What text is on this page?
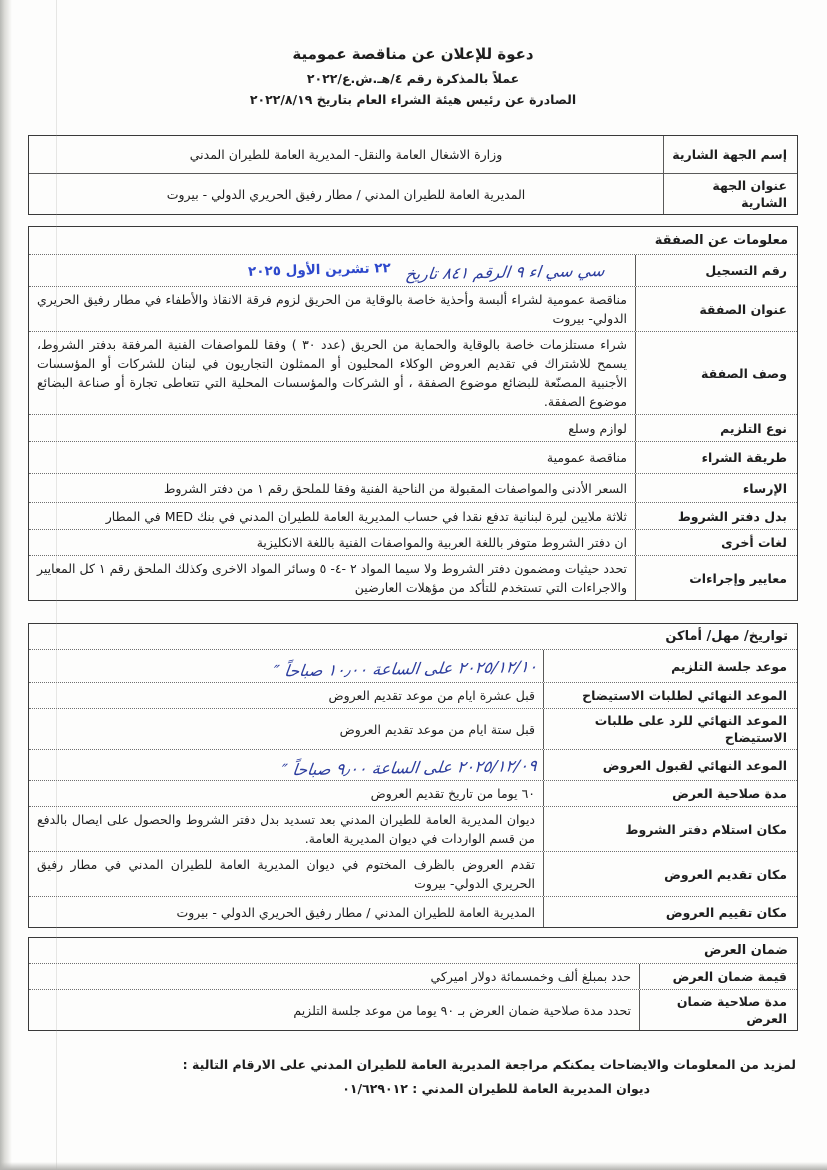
دعوة للإعلان عن مناقصة عمومية
عملاً بالمذكرة رقم ٤/هـ.ش.ع/٢٠٢٢
الصادرة عن رئيس هيئة الشراء العام بتاريخ ٢٠٢٢/٨/١٩
إسم الجهة الشارية
وزارة الاشغال العامة والنقل- المديرية العامة للطيران المدني
عنوان الجهة الشارية
المديرية العامة للطيران المدني / مطار رفيق الحريري الدولي - بيروت
معلومات عن الصفقة
رقم التسجيل
سي سي اء ٩ الرقم ٨٤١ تاريخ
٢٢ تشرين الأول ٢٠٢٥
عنوان الصفقة
مناقصة عمومية لشراء ألبسة وأحذية خاصة بالوقاية من الحريق لزوم فرقة الانقاذ والأطفاء في مطار رفيق الحريري الدولي- بيروت
وصف الصفقة
شراء مستلزمات خاصة بالوقاية والحماية من الحريق (عدد ٣٠ ) وفقا للمواصفات الفنية المرفقة بدفتر الشروط، يسمح للاشتراك في تقديم العروض الوكلاء المحليون أو الممثلون التجاريون في لبنان للشركات أو المؤسسات الأجنبية المصنّعة للبضائع موضوع الصفقة ، أو الشركات والمؤسسات المحلية التي تتعاطى تجارة أو صناعة البضائع موضوع الصفقة.
نوع التلزيم
لوازم وسلع
طريقة الشراء
مناقصة عمومية
الإرساء
السعر الأدنى والمواصفات المقبولة من الناحية الفنية وفقا للملحق رقم ١ من دفتر الشروط
بدل دفتر الشروط
ثلاثة ملايين ليرة لبنانية تدفع نقدا في حساب المديرية العامة للطيران المدني في بنك MED في المطار
لغات أخرى
ان دفتر الشروط متوفر باللغة العربية والمواصفات الفنية باللغة الانكليزية
معايير وإجراءات
تحدد حيثيات ومضمون دفتر الشروط ولا سيما المواد ٢ -٤- ٥ وسائر المواد الاخرى وكذلك الملحق رقم ١ كل المعايير والاجراءات التي تستخدم للتأكد من مؤهلات العارضين
تواريخ/ مهل/ أماكن
موعد جلسة التلزيم
٢٠٢٥/١٢/١٠ على الساعة ١٠٫٠٠ صباحاً ″
الموعد النهائي لطلبات الاستيضاح
قبل عشرة ايام من موعد تقديم العروض
الموعد النهائي للرد على طلبات الاستيضاح
قبل ستة ايام من موعد تقديم العروض
الموعد النهائي لقبول العروض
٢٠٢٥/١٢/٠٩ على الساعة ٩٫٠٠ صباحاً ″
مدة صلاحية العرض
٦٠ يوما من تاريخ تقديم العروض
مكان استلام دفتر الشروط
ديوان المديرية العامة للطيران المدني بعد تسديد بدل دفتر الشروط والحصول على ايصال بالدفع من قسم الواردات في ديوان المديرية العامة.
مكان تقديم العروض
تقدم العروض بالظرف المختوم في ديوان المديرية العامة للطيران المدني في مطار رفيق الحريري الدولي- بيروت
مكان تقييم العروض
المديرية العامة للطيران المدني / مطار رفيق الحريري الدولي - بيروت
ضمان العرض
قيمة ضمان العرض
حدد بمبلغ ألف وخمسمائة دولار اميركي
مدة صلاحية ضمان العرض
تحدد مدة صلاحية ضمان العرض بـ ٩٠ يوما من موعد جلسة التلزيم
لمزيد من المعلومات والايضاحات يمكنكم مراجعة المديرية العامة للطيران المدني على الارقام التالية :
ديوان المديرية العامة للطيران المدني : ٠١/٦٢٩٠١٢
